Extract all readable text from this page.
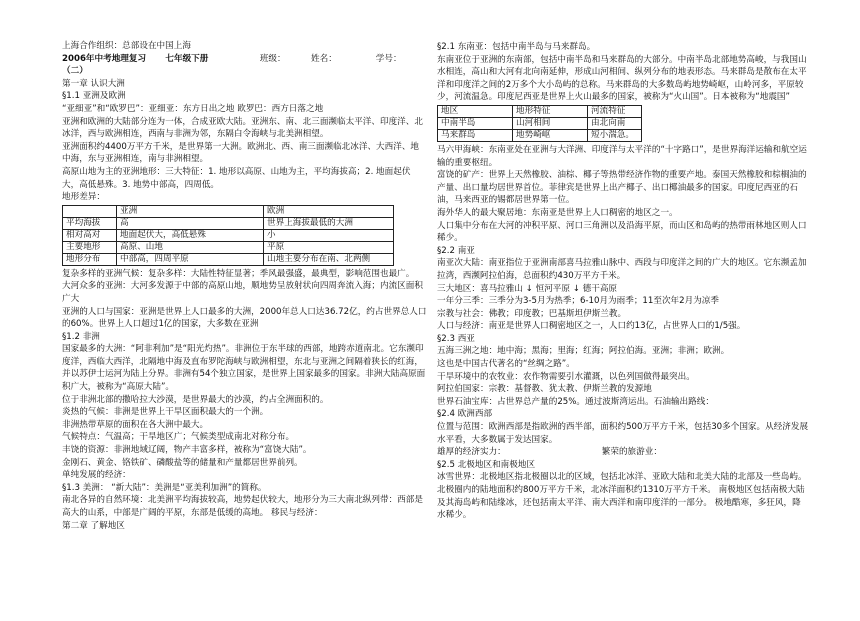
上海合作组织：总部设在中国上海

2006年中考地理复习（二）
七年级下册	班级：	姓名：	学号：

第一章 认识大洲

§1.1 亚洲及欧洲

“亚细亚”和“欧罗巴”：亚细亚：东方日出之地 欧罗巴：西方日落之地

亚洲和欧洲的大陆部分连为一体，合成亚欧大陆。亚洲东、南、北三面濒临太平洋、印度洋、北冰洋，西与欧洲相连，西南与非洲为邻，东隔白令海峡与北美洲相望。

亚洲面积约4400万平方千米，是世界第一大洲。欧洲北、西、南三面濒临北冰洋、大西洋、地中海，东与亚洲相连，南与非洲相望。

高原山地为主的亚洲地形：三大特征：1. 地形以高原、山地为主，平均海拔高；2. 地面起伏大，高低悬殊。3. 地势中部高，四周低。

地形差异：

	亚洲	欧洲
平均海拔	高	世界上海拔最低的大洲
相对高对	地面起伏大，高低悬殊	小
主要地形	高原、山地	平原
地形分布	中部高，四周平原	山地主要分布在南、北两侧

复杂多样的亚洲气候：复杂多样：大陆性特征显著；季风最强盛，最典型，影响范围也最广。

大河众多的亚洲：大河多发源于中部的高原山地，顺地势呈放射状向四周奔流入海；内流区面积广大

亚洲的人口与国家：亚洲是世界上人口最多的大洲，2000年总人口达36.72亿，约占世界总人口的60%。世界上人口超过1亿的国家，大多数在亚洲

§1.2 非洲

国家最多的大洲：“阿非利加”是“阳光灼热”。非洲位于东半球的西部，地跨赤道南北。它东濒印度洋，西临大西洋，北隔地中海及直布罗陀海峡与欧洲相望，东北与亚洲之间隔着狭长的红海，并以苏伊士运河为陆上分界。非洲有54个独立国家，是世界上国家最多的国家。非洲大陆高原面积广大，被称为“高原大陆”。

位于非洲北部的撒哈拉大沙漠，是世界最大的沙漠，约占全洲面积的。

炎热的气候：非洲是世界上干旱区面积最大的一个洲。

非洲热带草原的面积在各大洲中最大。

气候特点：气温高；干旱地区广；气候类型成南北对称分布。

丰饶的资源：非洲地域辽阔，物产丰富多样，被称为“富饶大陆”。

金刚石、黄金、铬铁矿、磷酸盐等的储量和产量都居世界前列。

单纯发展的经济：

§1.3 美洲： “新大陆”：美洲是“亚美利加洲”的简称。

南北各异的自然环境：北美洲平均海拔较高，地势起伏较大，地形分为三大南北纵列带：西部是高大的山系，中部是广阔的平原，东部是低缓的高地。 移民与经济：

第二章 了解地区

§2.1 东南亚：包括中南半岛与马来群岛。

东南亚位于亚洲的东南部，包括中南半岛和马来群岛的大部分。中南半岛北部地势高峻，与我国山水相连，高山和大河有北向南延伸，形成山河相间、纵列分布的地表形态。马来群岛是散布在太平洋和印度洋之间的2万多个大小岛屿的总称。马来群岛的大多数岛屿地势崎岖，山岭河多，平原较少，河流温急。印度尼西亚是世界上火山最多的国家，被称为“火山国”。日本被称为“地震国”

地区	地形特征	河流特征
中南半岛	山河相间	由北向南
马来群岛	地势崎岖	短小湍急。

马六甲海峡：东南亚处在亚洲与大洋洲、印度洋与太平洋的“十字路口”，是世界海洋运输和航空运输的重要枢纽。

富饶的矿产：世界上天然橡胶、油棕、椰子等热带经济作物的重要产地。泰国天然橡胶和棕榈油的产量、出口量均居世界首位。菲律宾是世界上出产椰子、出口椰油最多的国家。印度尼西亚的石油，马来西亚的锡都居世界第一位。

海外华人的最大聚居地：东南亚是世界上人口稠密的地区之一。

人口集中分布在大河的冲积平原、河口三角洲以及沿海平原，而山区和岛屿的热带雨林地区则人口稀少。

§2.2 南亚

南亚次大陆：南亚指位于亚洲南部喜马拉雅山脉中、西段与印度洋之间的广大的地区。它东濒孟加拉湾，西濒阿拉伯海，总面积约430万平方千米。

三大地区：喜马拉雅山 ↓ 恒河平原 ↓ 德干高原

一年分三季：三季分为3-5月为热季；6-10月为雨季；11至次年2月为凉季

宗教与社会：佛教；印度教；巴基斯坦伊斯兰教。

人口与经济：南亚是世界人口稠密地区之一，人口约13亿，占世界人口的1/5强。

§2.3 西亚

五海三洲之地：地中海；黑海；里海；红海；阿拉伯海。亚洲；非洲；欧洲。

这也是中国古代著名的“丝绸之路”。

干旱环境中的农牧业：农作物需要引水灌溉，以色列国做得最突出。

阿拉伯国家：宗教：基督教、犹太教、伊斯兰教的发源地

世界石油宝库：占世界总产量的25%。通过波斯湾运出。石油输出路线：

§2.4 欧洲西部

位置与范围：欧洲西部是指欧洲的西半部，面积约500万平方千米，包括30多个国家。从经济发展水平看，大多数属于发达国家。

雄厚的经济实力：	繁荣的旅游业：

§2.5 北极地区和南极地区

冰雪世界：北极地区指北极圈以北的区域，包括北冰洋、亚欧大陆和北美大陆的北部及一些岛屿。北极圈内的陆地面积约800万平方千米，北冰洋面积约1310万平方千米。 南极地区包括南极大陆及其海岛屿和陆缘冰，还包括南太平洋、南大西洋和南印度洋的一部分。 极地酷寒，多狂风，降水稀少。
